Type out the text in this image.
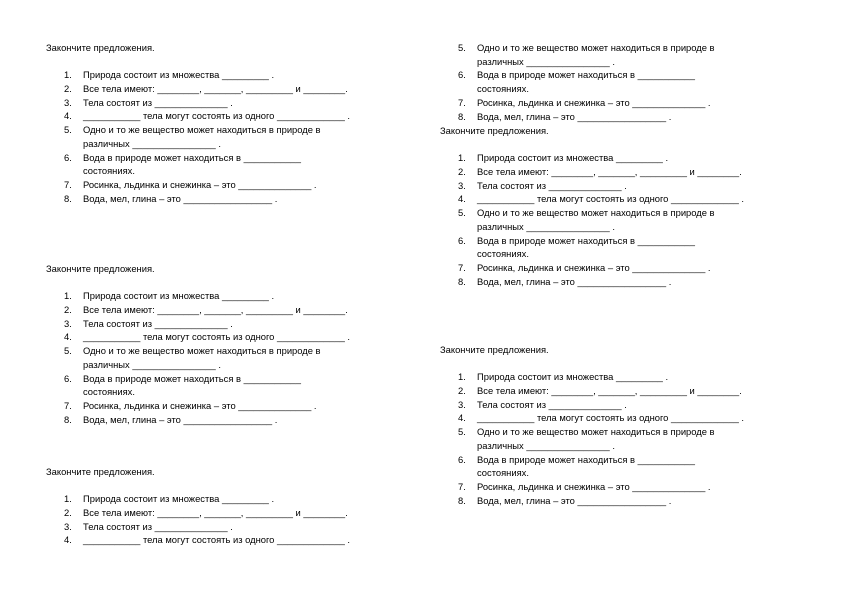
Закончите предложения.
1. Природа состоит из множества _________ .
2. Все тела имеют: ________, _______, _________ и ________.
3. Тела состоят из ______________ .
4. ___________ тела могут состоять из одного _____________ .
5. Одно и то же вещество может находиться в природе в
различных ________________ .
6. Вода в природе может находиться в ___________
состояниях.
7. Росинка, льдинка и снежинка – это ______________ .
8. Вода, мел, глина – это _________________ .
Закончите предложения.
1. Природа состоит из множества _________ .
2. Все тела имеют: ________, _______, _________ и ________.
3. Тела состоят из ______________ .
4. ___________ тела могут состоять из одного _____________ .
5. Одно и то же вещество может находиться в природе в
различных ________________ .
6. Вода в природе может находиться в ___________
состояниях.
7. Росинка, льдинка и снежинка – это ______________ .
8. Вода, мел, глина – это _________________ .
Закончите предложения.
1. Природа состоит из множества _________ .
2. Все тела имеют: ________, _______, _________ и ________.
3. Тела состоят из ______________ .
4. ___________ тела могут состоять из одного _____________ .
5. Одно и то же вещество может находиться в природе в
различных ________________ .
6. Вода в природе может находиться в ___________
состояниях.
7. Росинка, льдинка и снежинка – это ______________ .
8. Вода, мел, глина – это _________________ .
Закончите предложения.
1. Природа состоит из множества _________ .
2. Все тела имеют: ________, _______, _________ и ________.
3. Тела состоят из ______________ .
4. ___________ тела могут состоять из одного _____________ .
5. Одно и то же вещество может находиться в природе в
различных ________________ .
6. Вода в природе может находиться в ___________
состояниях.
7. Росинка, льдинка и снежинка – это ______________ .
8. Вода, мел, глина – это _________________ .
Закончите предложения.
1. Природа состоит из множества _________ .
2. Все тела имеют: ________, _______, _________ и ________.
3. Тела состоят из ______________ .
4. ___________ тела могут состоять из одного _____________ .
5. Одно и то же вещество может находиться в природе в
различных ________________ .
6. Вода в природе может находиться в ___________
состояниях.
7. Росинка, льдинка и снежинка – это ______________ .
8. Вода, мел, глина – это _________________ .
